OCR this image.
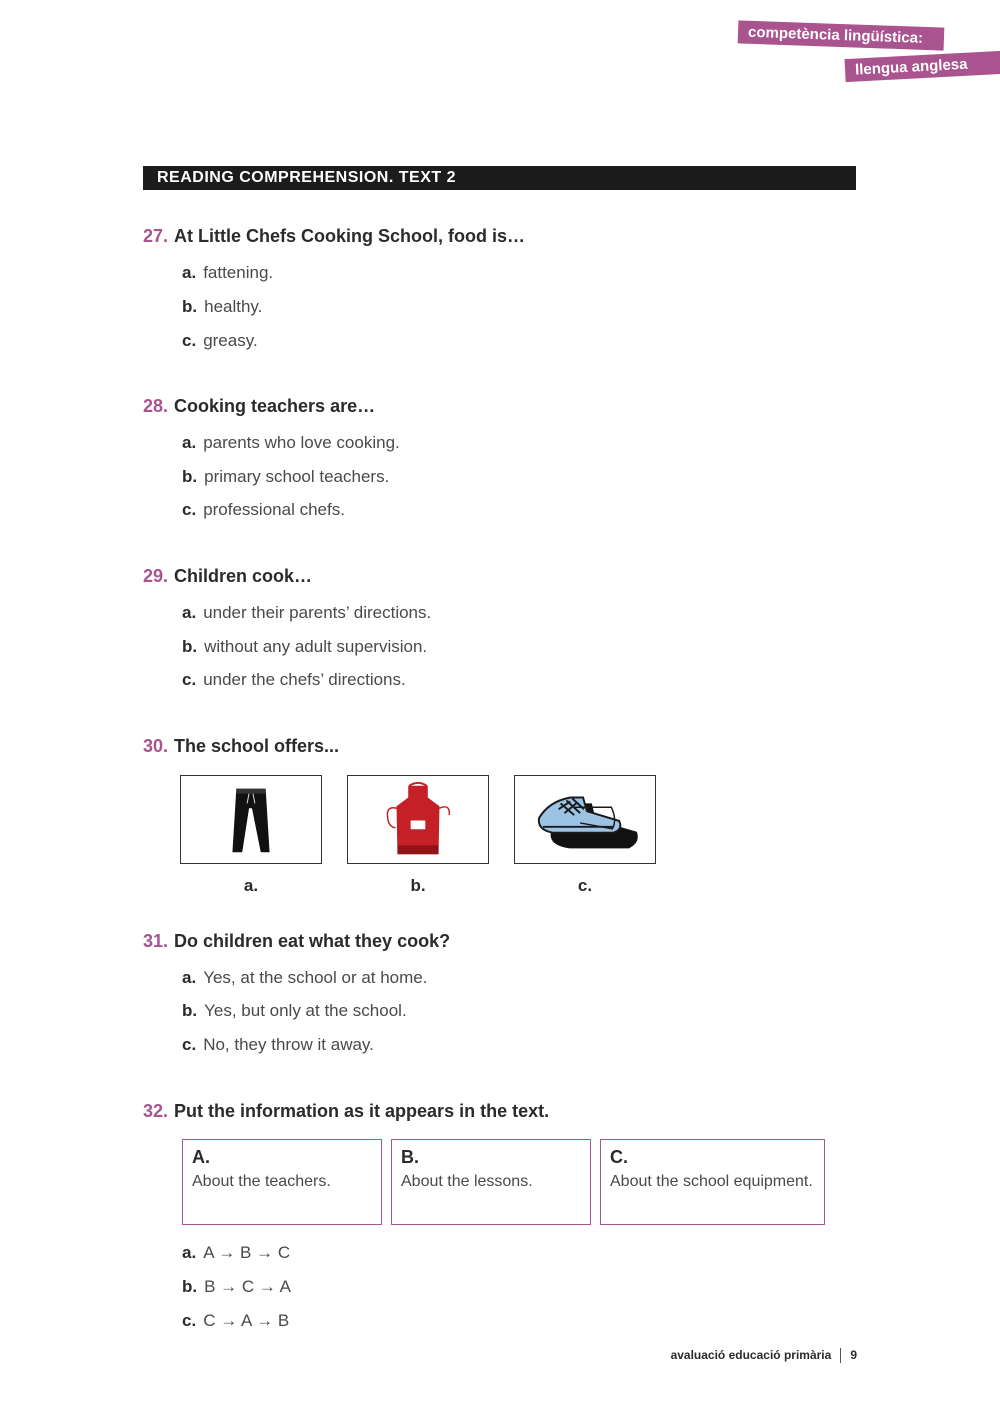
competència lingüística:
llengua anglesa
READING COMPREHENSION. TEXT 2
27. At Little Chefs Cooking School, food is…
a. fattening.
b. healthy.
c. greasy.
28. Cooking teachers are…
a. parents who love cooking.
b. primary school teachers.
c. professional chefs.
29. Children cook…
a. under their parents’ directions.
b. without any adult supervision.
c. under the chefs’ directions.
30. The school offers...
a.	b.	c.
31. Do children eat what they cook?
a. Yes, at the school or at home.
b. Yes, but only at the school.
c. No, they throw it away.
32. Put the information as it appears in the text.
A.
About the teachers.
B.
About the lessons.
C.
About the school equipment.
a. A → B → C
b. B → C → A
c. C → A → B
avaluació educació primària 9
